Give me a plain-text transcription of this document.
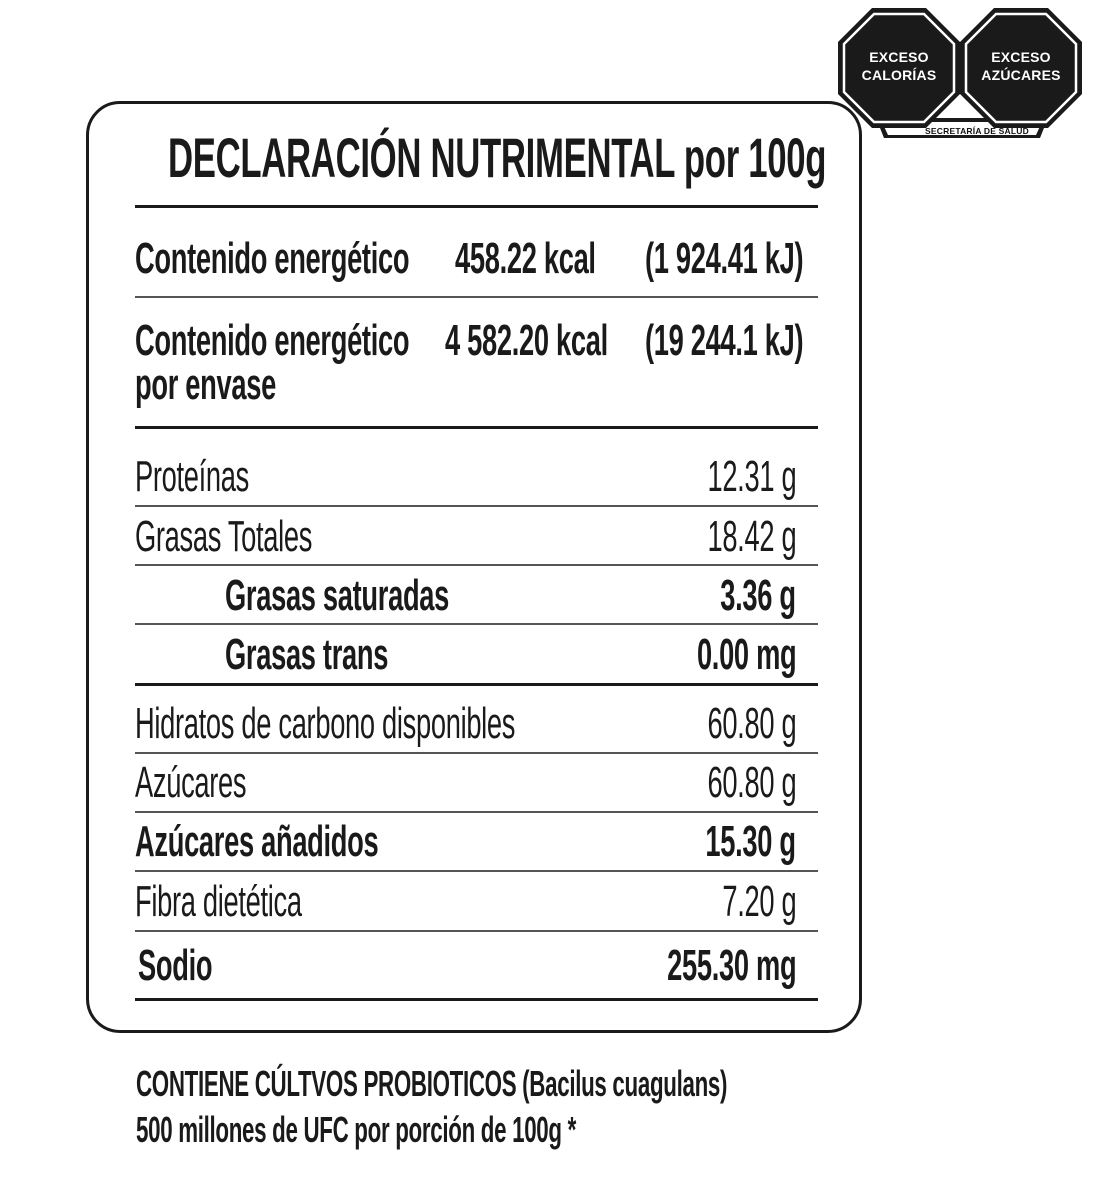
EXCESO
CALORÍAS
EXCESO
AZÚCARES
SECRETARÍA DE SALUD
DECLARACIÓN NUTRIMENTAL por 100g
Contenido energético	458.22 kcal	(1 924.41 kJ)
Contenido energético
por envase
4 582.20 kcal (19 244.1 kJ)
Proteínas	12.31 g
Grasas Totales	18.42 g
Grasas saturadas	3.36 g
Grasas trans	0.00 mg
Hidratos de carbono disponibles	60.80 g
Azúcares	60.80 g
Azúcares añadidos	15.30 g
Fibra dietética	7.20 g
Sodio	255.30 mg
CONTIENE CÚLTVOS PROBIOTICOS (Bacilus cuagulans)
500 millones de UFC por porción de 100g *
